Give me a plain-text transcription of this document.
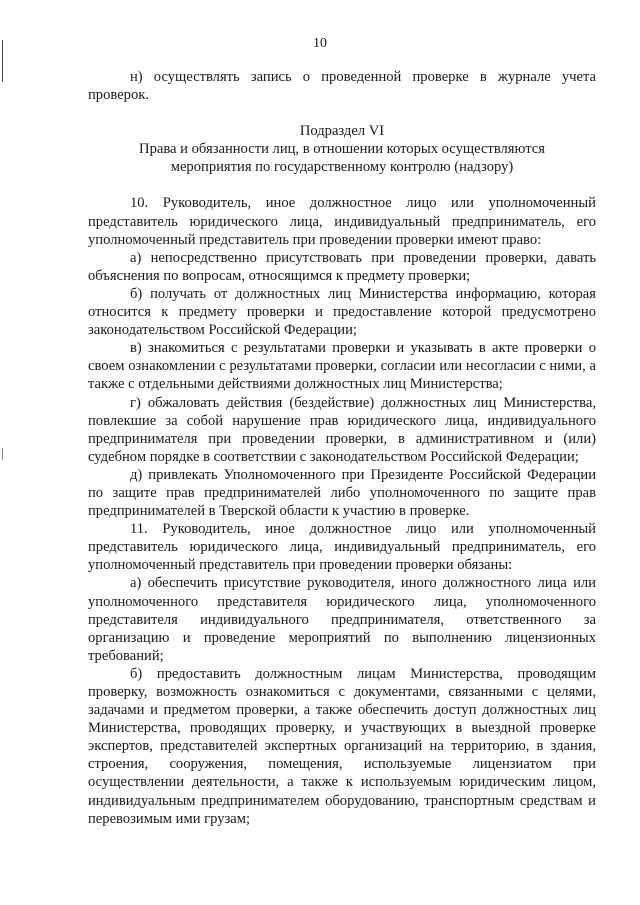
10

н) осуществлять запись о проведенной проверке в журнале учета проверок.

Подраздел VI

Права и обязанности лиц, в отношении которых осуществляются

мероприятия по государственному контролю (надзору)

10. Руководитель, иное должностное лицо или уполномоченный представитель юридического лица, индивидуальный предприниматель, его уполномоченный представитель при проведении проверки имеют право:

а) непосредственно присутствовать при проведении проверки, давать объяснения по вопросам, относящимся к предмету проверки;

б) получать от должностных лиц Министерства информацию, которая относится к предмету проверки и предоставление которой предусмотрено законодательством Российской Федерации;

в) знакомиться с результатами проверки и указывать в акте проверки о своем ознакомлении с результатами проверки, согласии или несогласии с ними, а также с отдельными действиями должностных лиц Министерства;

г) обжаловать действия (бездействие) должностных лиц Министерства, повлекшие за собой нарушение прав юридического лица, индивидуального предпринимателя при проведении проверки, в административном и (или) судебном порядке в соответствии с законодательством Российской Федерации;

д) привлекать Уполномоченного при Президенте Российской Федерации по защите прав предпринимателей либо уполномоченного по защите прав предпринимателей в Тверской области к участию в проверке.

11. Руководитель, иное должностное лицо или уполномоченный представитель юридического лица, индивидуальный предприниматель, его уполномоченный представитель при проведении проверки обязаны:

а) обеспечить присутствие руководителя, иного должностного лица или уполномоченного представителя юридического лица, уполномоченного представителя индивидуального предпринимателя, ответственного за организацию и проведение мероприятий по выполнению лицензионных требований;

б) предоставить должностным лицам Министерства, проводящим проверку, возможность ознакомиться с документами, связанными с целями, задачами и предметом проверки, а также обеспечить доступ должностных лиц Министерства, проводящих проверку, и участвующих в выездной проверке экспертов, представителей экспертных организаций на территорию, в здания, строения, сооружения, помещения, используемые лицензиатом при осуществлении деятельности, а также к используемым юридическим лицом, индивидуальным предпринимателем оборудованию, транспортным средствам и перевозимым ими грузам;
